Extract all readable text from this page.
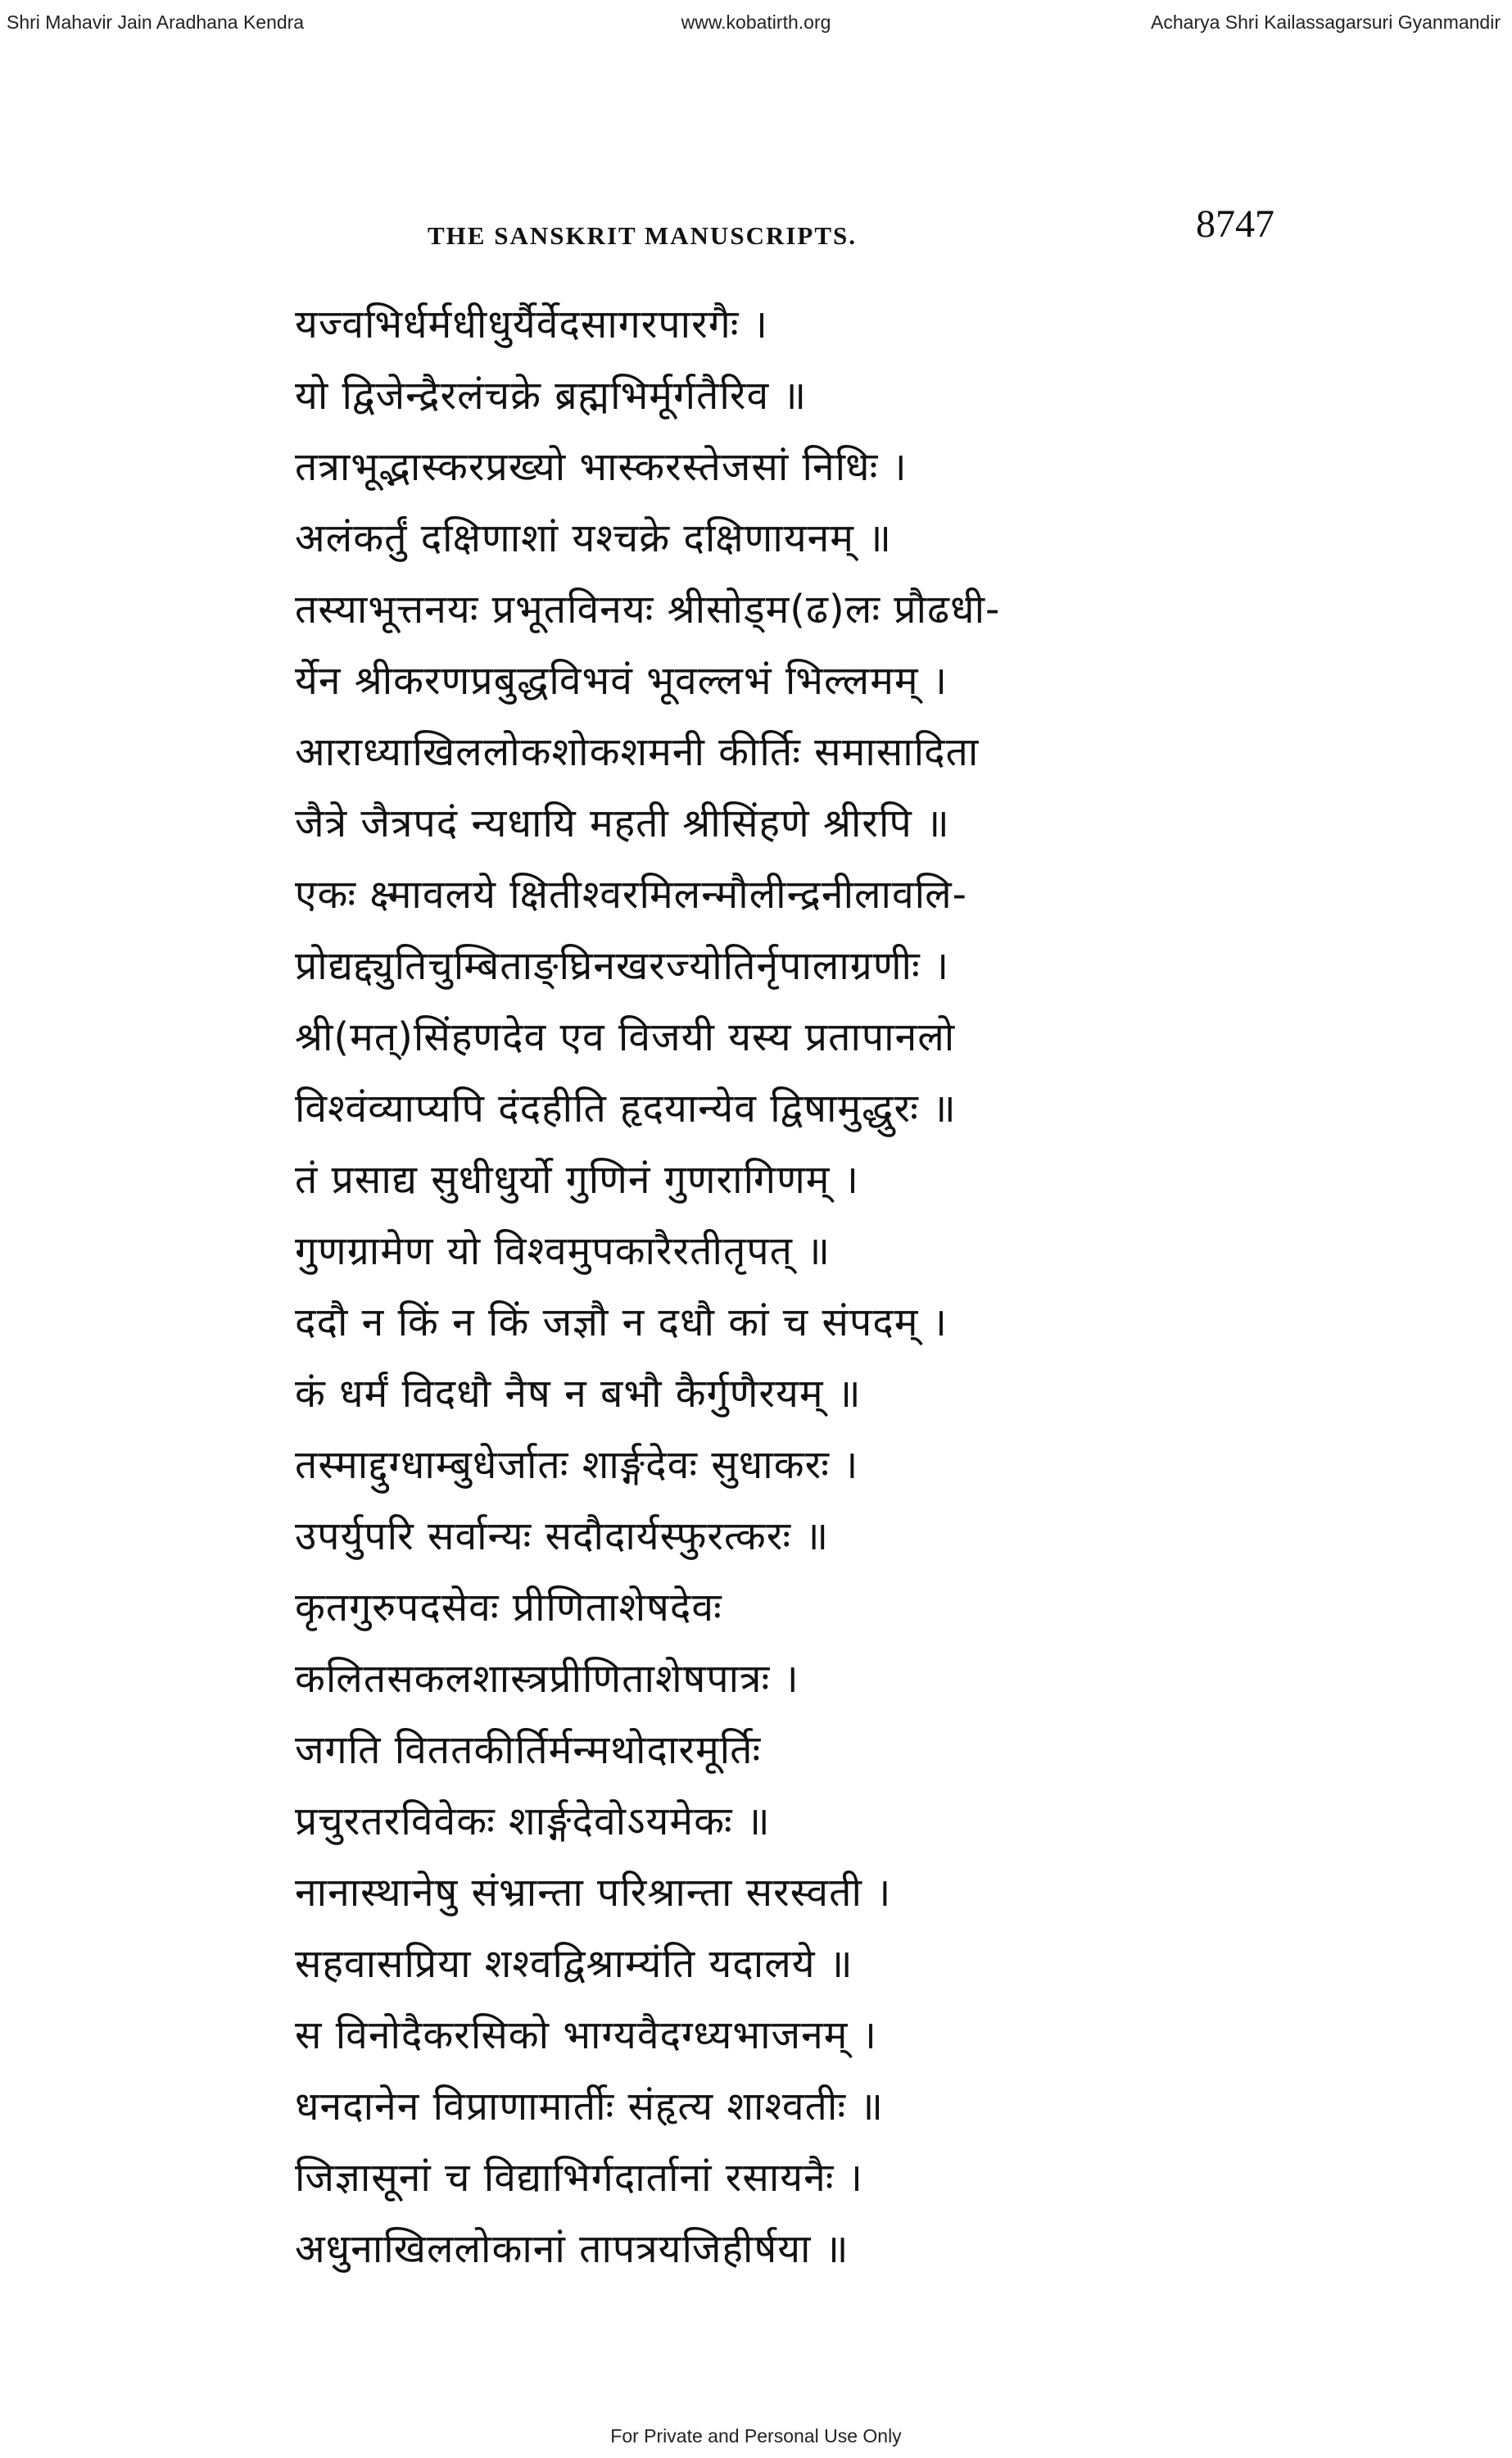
Shri Mahavir Jain Aradhana Kendra	www.kobatirth.org	Acharya Shri Kailassagarsuri Gyanmandir
THE SANSKRIT MANUSCRIPTS.	8747
यज्वभिर्धर्मधीधुर्यैर्वेदसागरपारगैः ।
यो द्विजेन्द्रैरलंचक्रे ब्रह्मभिर्मूर्गतैरिव ॥
तत्राभूद्भास्करप्रख्यो भास्करस्तेजसां निधिः ।
अलंकर्तुं दक्षिणाशां यश्चक्रे दक्षिणायनम् ॥
तस्याभूत्तनयः प्रभूतविनयः श्रीसोड्म(ढ)लः प्रौढधी-
र्येन श्रीकरणप्रबुद्धविभवं भूवल्लभं भिल्लमम् ।
आराध्याखिललोकशोकशमनी कीर्तिः समासादिता
जैत्रे जैत्रपदं न्यधायि महती श्रीसिंहणे श्रीरपि ॥
एकः क्ष्मावलये क्षितीश्वरमिलन्मौलीन्द्रनीलावलि-
प्रोद्यद्द्युतिचुम्बिताङ्घ्रिनखरज्योतिर्नृपालाग्रणीः ।
श्री(मत्)सिंहणदेव एव विजयी यस्य प्रतापानलो
विश्वंव्याप्यपि दंदहीति हृदयान्येव द्विषामुद्धुरः ॥
तं प्रसाद्य सुधीधुर्यो गुणिनं गुणरागिणम् ।
गुणग्रामेण यो विश्वमुपकारैरतीतृपत् ॥
ददौ न किं न किं जज्ञौ न दधौ कां च संपदम् ।
कं धर्मं विदधौ नैष न बभौ कैर्गुणैरयम् ॥
तस्माद्दुग्धाम्बुधेर्जातः शार्ङ्गदेवः सुधाकरः ।
उपर्युपरि सर्वान्यः सदौदार्यस्फुरत्करः ॥
कृतगुरुपदसेवः प्रीणिताशेषदेवः
कलितसकलशास्त्रप्रीणिताशेषपात्रः ।
जगति विततकीर्तिर्मन्मथोदारमूर्तिः
प्रचुरतरविवेकः शार्ङ्गदेवोऽयमेकः ॥
नानास्थानेषु संभ्रान्ता परिश्रान्ता सरस्वती ।
सहवासप्रिया शश्वद्विश्राम्यंति यदालये ॥
स विनोदैकरसिको भाग्यवैदग्ध्यभाजनम् ।
धनदानेन विप्राणामार्तीः संहृत्य शाश्वतीः ॥
जिज्ञासूनां च विद्याभिर्गदार्तानां रसायनैः ।
अधुनाखिललोकानां तापत्रयजिहीर्षया ॥
For Private and Personal Use Only
